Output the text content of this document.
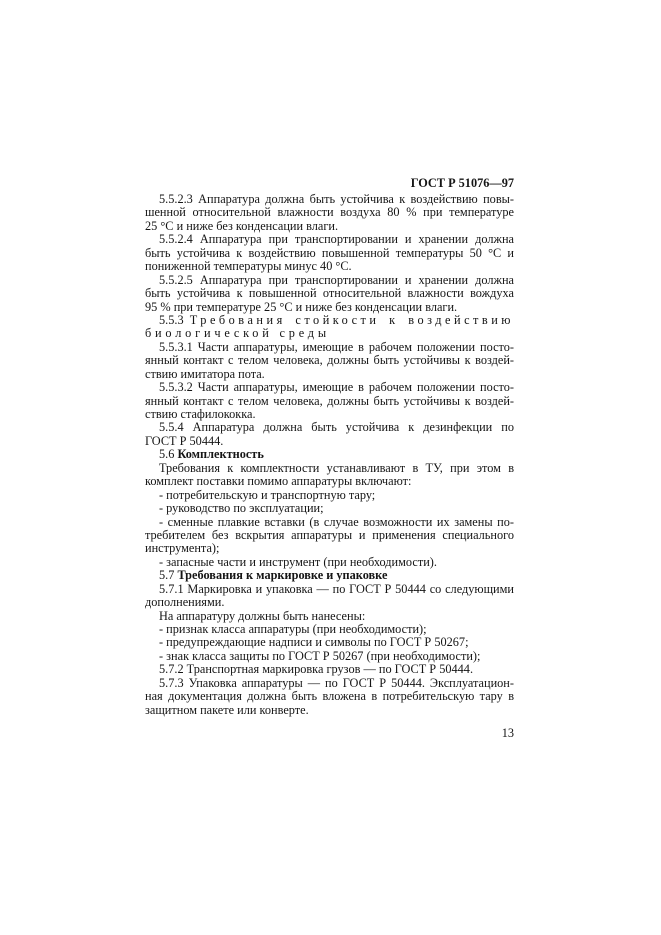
ГОСТ Р 51076—97
5.5.2.3 Аппаратура должна быть устойчива к воздействию повы-
шенной относительной влажности воздуха 80 % при температуре
25 °С и ниже без конденсации влаги.
5.5.2.4 Аппаратура при транспортировании и хранении должна
быть устойчива к воздействию повышенной температуры 50 °С и
пониженной температуры минус 40 °С.
5.5.2.5 Аппаратура при транспортировании и хранении должна
быть устойчива к повышенной относительной влажности вождуха
95 % при температуре 25 °С и ниже без конденсации влаги.
5.5.3 Требования стойкости к воздействию
биологической среды
5.5.3.1 Части аппаратуры, имеющие в рабочем положении посто-
янный контакт с телом человека, должны быть устойчивы к воздей-
ствию имитатора пота.
5.5.3.2 Части аппаратуры, имеющие в рабочем положении посто-
янный контакт с телом человека, должны быть устойчивы к воздей-
ствию стафилококка.
5.5.4 Аппаратура должна быть устойчива к дезинфекции по
ГОСТ Р 50444.
5.6 Комплектность
Требования к комплектности устанавливают в ТУ, при этом в
комплект поставки помимо аппаратуры включают:
- потребительскую и транспортную тару;
- руководство по эксплуатации;
- сменные плавкие вставки (в случае возможности их замены по-
требителем без вскрытия аппаратуры и применения специального
инструмента);
- запасные части и инструмент (при необходимости).
5.7 Требования к маркировке и упаковке
5.7.1 Маркировка и упаковка — по ГОСТ Р 50444 со следующими
дополнениями.
На аппаратуру должны быть нанесены:
- признак класса аппаратуры (при необходимости);
- предупреждающие надписи и символы по ГОСТ Р 50267;
- знак класса защиты по ГОСТ Р 50267 (при необходимости);
5.7.2 Транспортная маркировка грузов — по ГОСТ Р 50444.
5.7.3 Упаковка аппаратуры — по ГОСТ Р 50444. Эксплуатацион-
ная документация должна быть вложена в потребительскую тару в
защитном пакете или конверте.
13
